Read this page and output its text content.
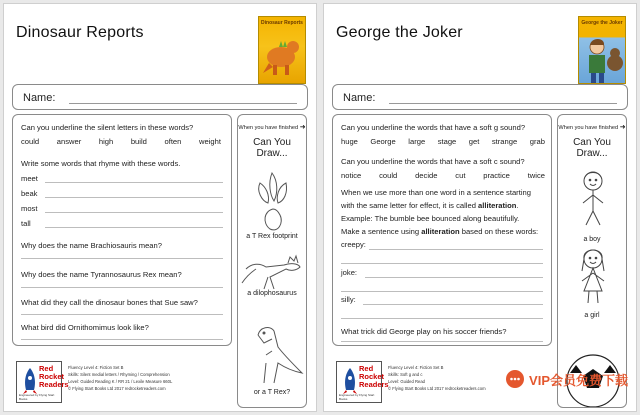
Dinosaur Reports
Dinosaur Reports
Name:
Can you underline the silent letters in these words?
could answer high build often weight
Write some words that rhyme with these words.
meet
beak
most
tall
Why does the name Brachiosauris mean?
Why does the name Tyrannosaurus Rex mean?
What did they call the dinosaur bones that Sue saw?
What bird did Ornithomimus look like?
When you have finished ➜
Can You
Draw...
a T Rex footprint
a dilophosaurus
or a T Rex?
Red
Rocket
Readers
Engineered by Flying Start Books
Fluency Level 4: Fiction Set B
Skills: Silent medial letters / Rhyming / Comprehension
Level: Guided Reading K / RR 21 / Lexile Measure 660L
© Flying Start Books Ltd 2017 redrocketreaders.com
George the Joker
George the Joker
Name:
Can you underline the words that have a soft g sound?
huge George large stage get strange grab
Can you underline the words that have a soft c sound?
notice could decide cut practice twice
When we use more than one word in a sentence starting
with the same letter for effect, it is called alliteration.
Example: The bumble bee bounced along beautifully.
Make a sentence using alliteration based on these words:
creepy:
joke:
silly:
What trick did George play on his soccer friends?
When you have finished ➜
Can You
Draw...
a boy
a girl
Red
Rocket
Readers
Engineered by Flying Start Books
Fluency Level 4: Fiction Set B
Skills: Soft g and c
Level: Guided Read
© Flying Start Books Ltd 2017 redrocketreaders.com
VIP会员免费下载
